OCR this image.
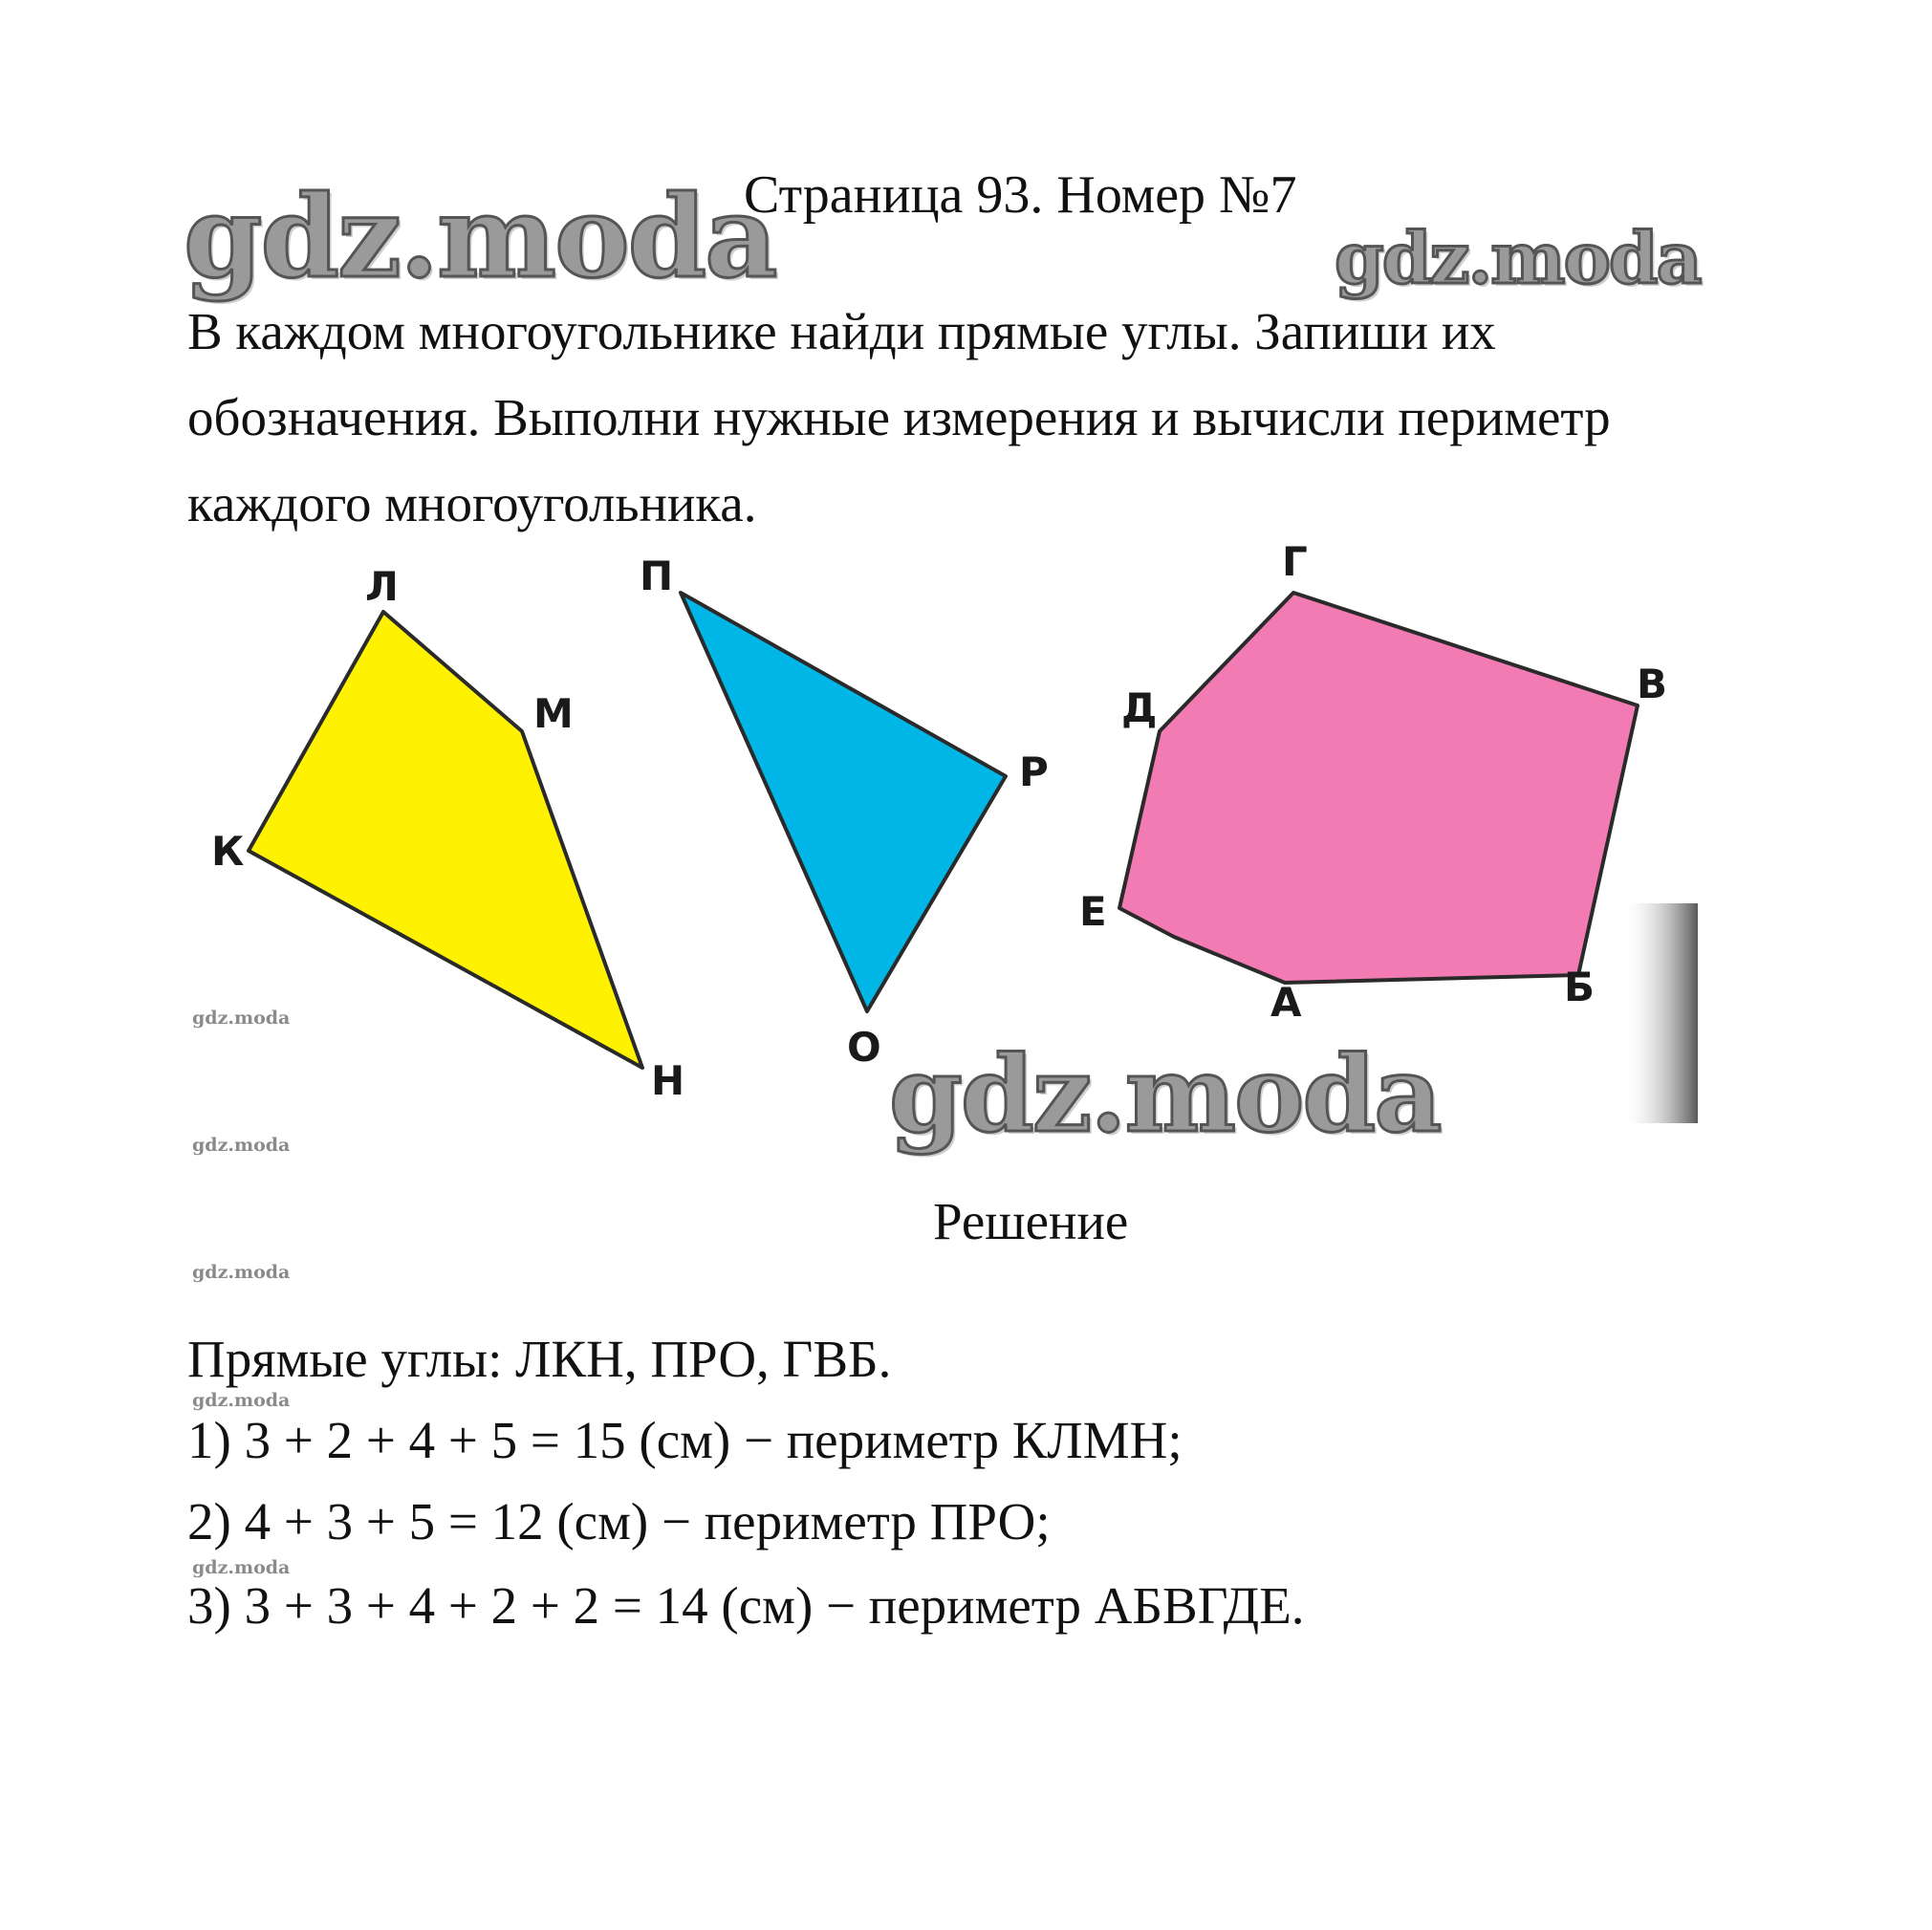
gdz.moda	gdz.moda
Страница 93. Номер №7
В каждом многоугольнике найди прямые углы. Запиши их
обозначения. Выполни нужные измерения и вычисли периметр
каждого многоугольника.
Л
М
К
Н
П
Р
О
Г
В
Д
Е
А	Б
gdz.moda
gdz.moda
gdz.moda
gdz.moda
gdz.moda
gdz.moda
Решение
Прямые углы: ЛКН, ПРО, ГВБ.
1) 3 + 2 + 4 + 5 = 15 (см) − периметр КЛМН;
2) 4 + 3 + 5 = 12 (см) − периметр ПРО;
3) 3 + 3 + 4 + 2 + 2 = 14 (см) − периметр АБВГДЕ.
